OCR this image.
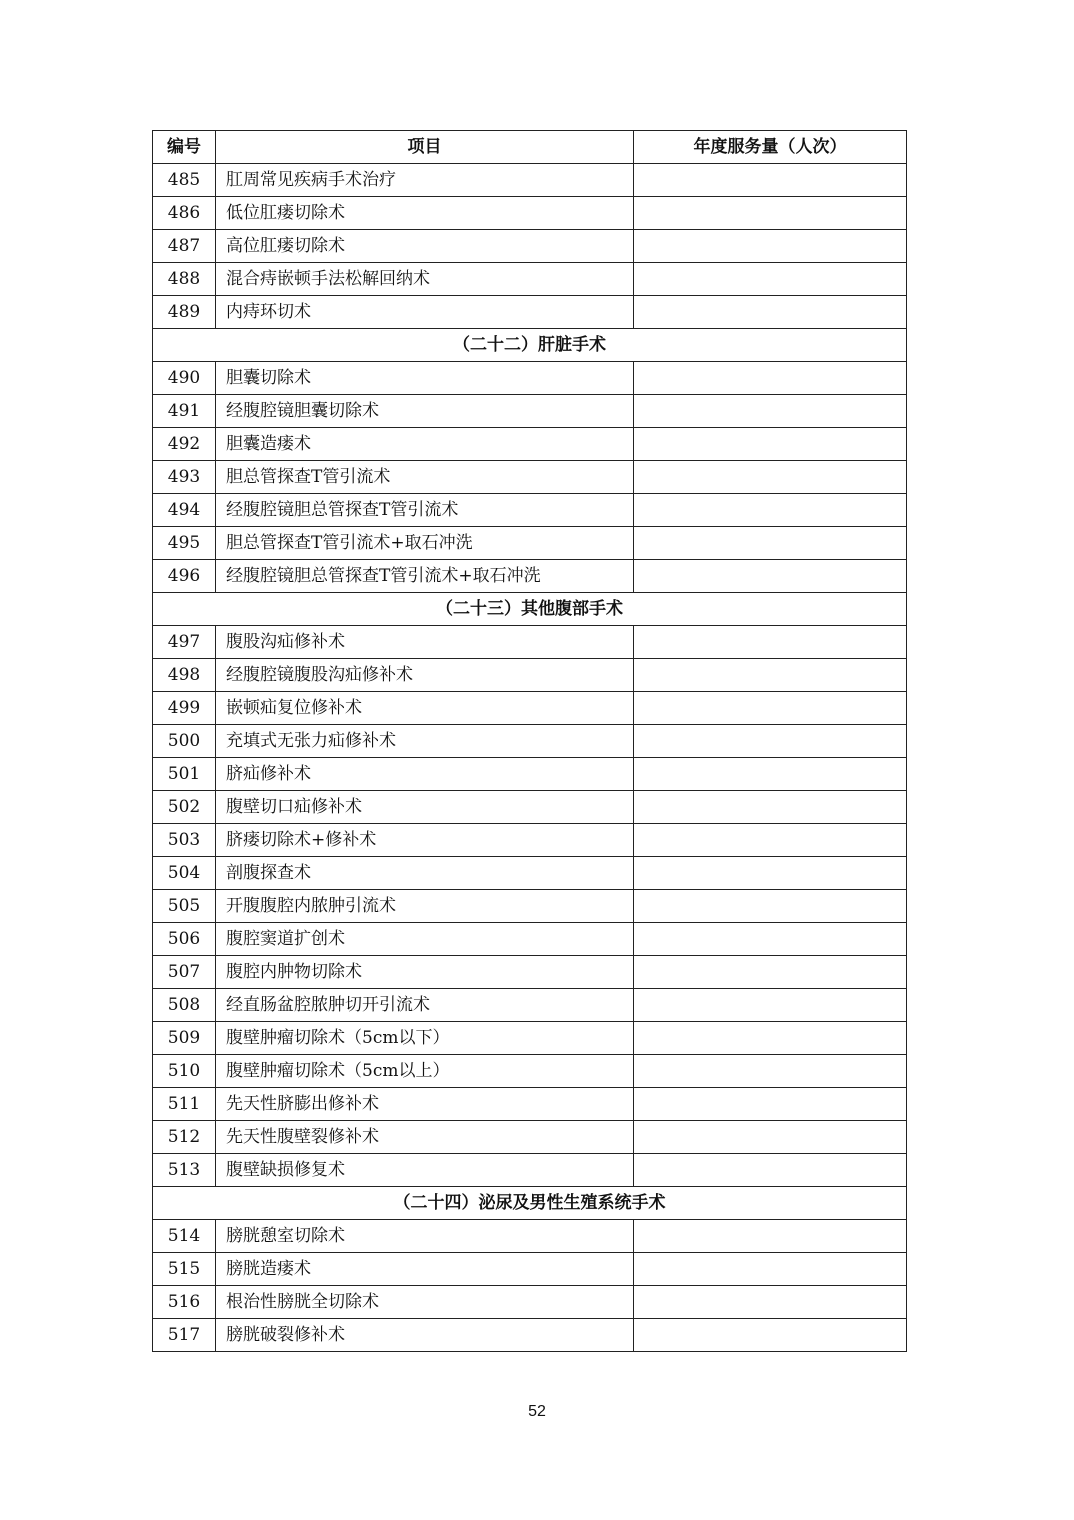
编号	项目	年度服务量（人次）
485	肛周常见疾病手术治疗	
486	低位肛瘘切除术	
487	高位肛瘘切除术	
488	混合痔嵌顿手法松解回纳术	
489	内痔环切术	
（二十二）肝脏手术		
490	胆囊切除术	
491	经腹腔镜胆囊切除术	
492	胆囊造瘘术	
493	胆总管探查T管引流术	
494	经腹腔镜胆总管探查T管引流术	
495	胆总管探查T管引流术+取石冲洗	
496	经腹腔镜胆总管探查T管引流术+取石冲洗	
（二十三）其他腹部手术		
497	腹股沟疝修补术	
498	经腹腔镜腹股沟疝修补术	
499	嵌顿疝复位修补术	
500	充填式无张力疝修补术	
501	脐疝修补术	
502	腹壁切口疝修补术	
503	脐瘘切除术+修补术	
504	剖腹探查术	
505	开腹腹腔内脓肿引流术	
506	腹腔窦道扩创术	
507	腹腔内肿物切除术	
508	经直肠盆腔脓肿切开引流术	
509	腹壁肿瘤切除术（5cm以下）	
510	腹壁肿瘤切除术（5cm以上）	
511	先天性脐膨出修补术	
512	先天性腹壁裂修补术	
513	腹壁缺损修复术	
（二十四）泌尿及男性生殖系统手术		
514	膀胱憩室切除术	
515	膀胱造瘘术	
516	根治性膀胱全切除术	
517	膀胱破裂修补术	
52
